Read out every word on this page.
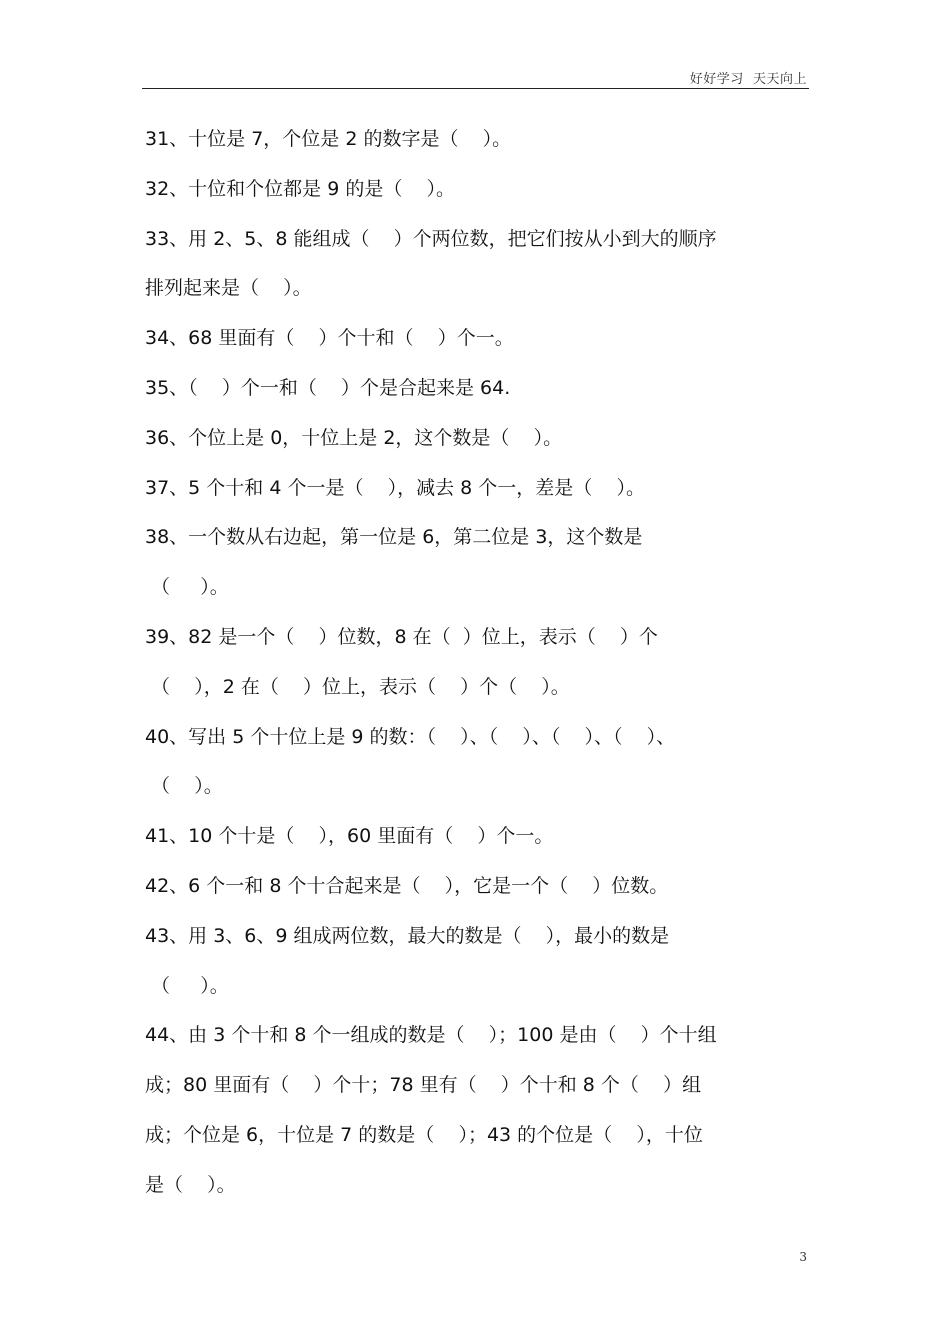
好好学习  天天向上
31、十位是 7，个位是 2 的数字是（    ）。
32、十位和个位都是 9 的是（    ）。
33、用 2、5、8 能组成（    ）个两位数，把它们按从小到大的顺序
排列起来是（    ）。
34、68 里面有（    ）个十和（    ）个一。
35、（    ）个一和（    ）个是合起来是 64.
36、个位上是 0，十位上是 2，这个数是（    ）。
37、5 个十和 4 个一是（    ），减去 8 个一，差是（    ）。
38、一个数从右边起，第一位是 6，第二位是 3，这个数是
（     ）。
39、82 是一个（    ）位数，8 在（  ）位上，表示（    ）个
（    ），2 在（    ）位上，表示（    ）个（    ）。
40、写出 5 个十位上是 9 的数：（    ）、（    ）、（    ）、（    ）、
（    ）。
41、10 个十是（    ），60 里面有（    ）个一。
42、6 个一和 8 个十合起来是（    ），它是一个（    ）位数。
43、用 3、6、9 组成两位数，最大的数是（    ），最小的数是
（     ）。
44、由 3 个十和 8 个一组成的数是（    ）；100 是由（    ）个十组
成；80 里面有（    ）个十；78 里有（    ）个十和 8 个（    ）组
成；个位是 6，十位是 7 的数是（    ）；43 的个位是（    ），十位
是（    ）。
3
